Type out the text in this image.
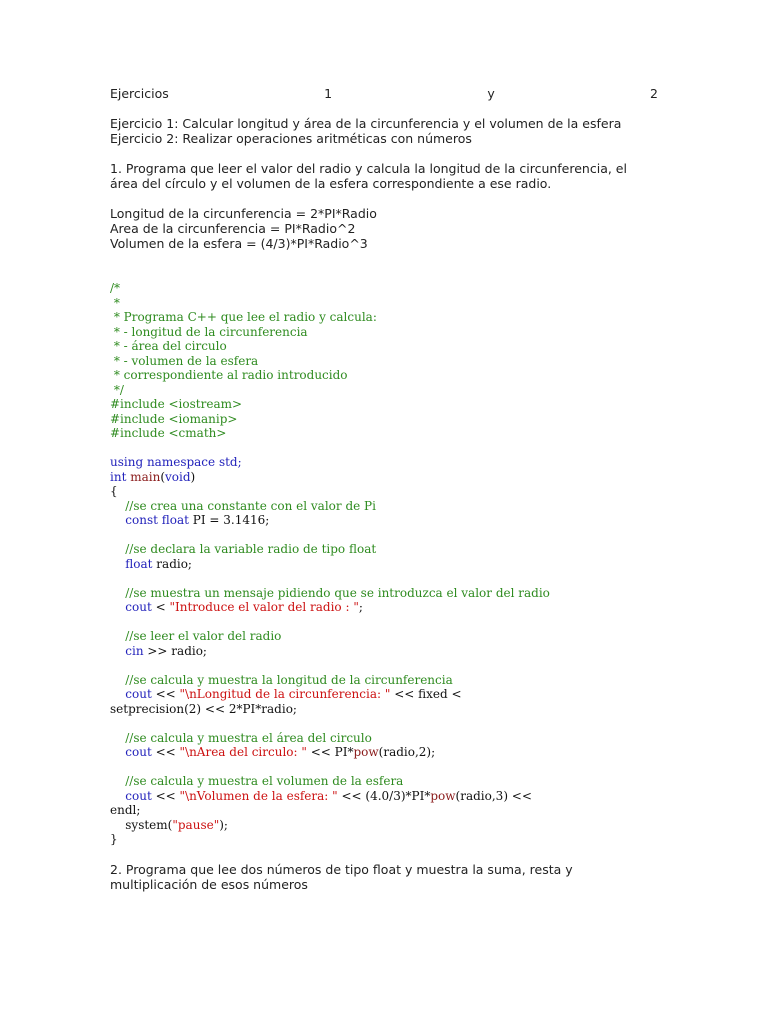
Ejercicios	1	y	2
Ejercicio 1: Calcular longitud y área de la circunferencia y el volumen de la esfera
Ejercicio 2: Realizar operaciones aritméticas con números
1. Programa que leer el valor del radio y calcula la longitud de la circunferencia, el área del círculo y el volumen de la esfera correspondiente a ese radio.
Longitud de la circunferencia = 2*PI*Radio
Area de la circunferencia = PI*Radio^2
Volumen de la esfera = (4/3)*PI*Radio^3
/*
*
* Programa C++ que lee el radio y calcula:
* - longitud de la circunferencia
* - área del circulo
* - volumen de la esfera
* correspondiente al radio introducido
*/
#include <iostream>
#include <iomanip>
#include <cmath>

using namespace std;
int main(void)
{
//se crea una constante con el valor de Pi
const float PI = 3.1416;

//se declara la variable radio de tipo float
float radio;

//se muestra un mensaje pidiendo que se introduzca el valor del radio
cout < "Introduce el valor del radio : ";

//se leer el valor del radio
cin >> radio;

//se calcula y muestra la longitud de la circunferencia
cout << "\nLongitud de la circunferencia: " << fixed <
setprecision(2) << 2*PI*radio;

//se calcula y muestra el área del circulo
cout << "\nArea del circulo: " << PI*pow(radio,2);

//se calcula y muestra el volumen de la esfera
cout << "\nVolumen de la esfera: " << (4.0/3)*PI*pow(radio,3) <<
endl;
system("pause");
}
2. Programa que lee dos números de tipo float y muestra la suma, resta y multiplicación de esos números
